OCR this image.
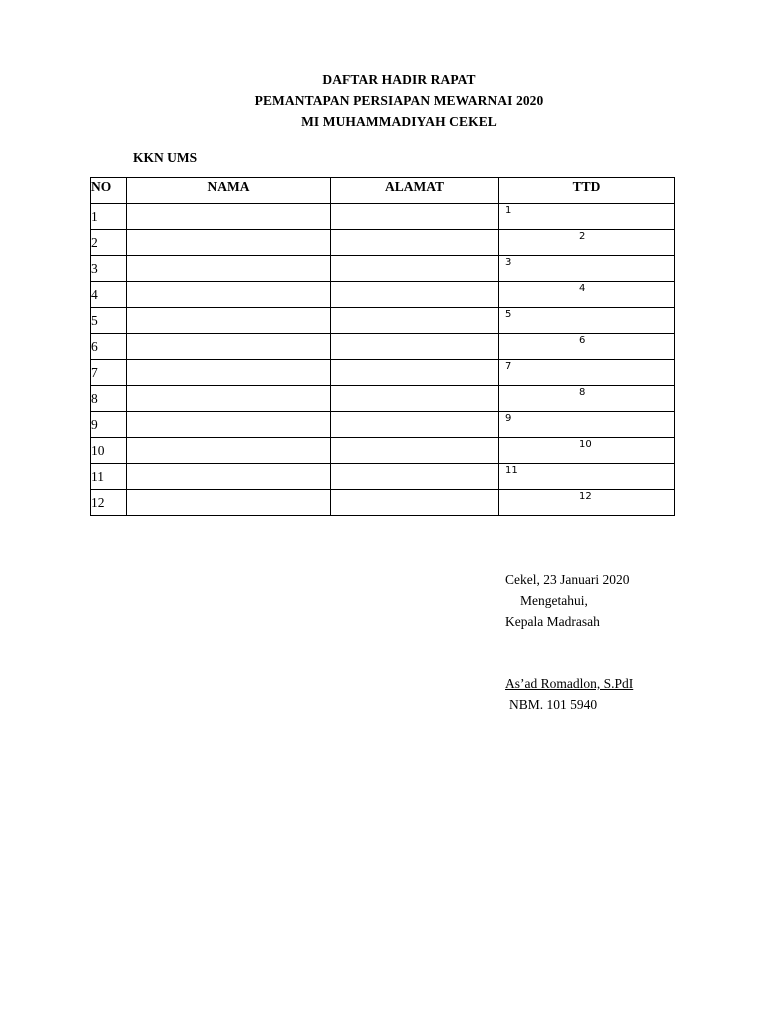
DAFTAR HADIR RAPAT
PEMANTAPAN PERSIAPAN MEWARNAI 2020
MI MUHAMMADIYAH CEKEL
KKN UMS
NO	NAMA	ALAMAT	TTD
1			1

2			2

3			3

4			4

5			5

6			6

7			7

8			8

9			9

10			10

11			11

12			12
Cekel, 23 Januari 2020
Mengetahui,
Kepala Madrasah
As’ad Romadlon, S.PdI
NBM. 101 5940
